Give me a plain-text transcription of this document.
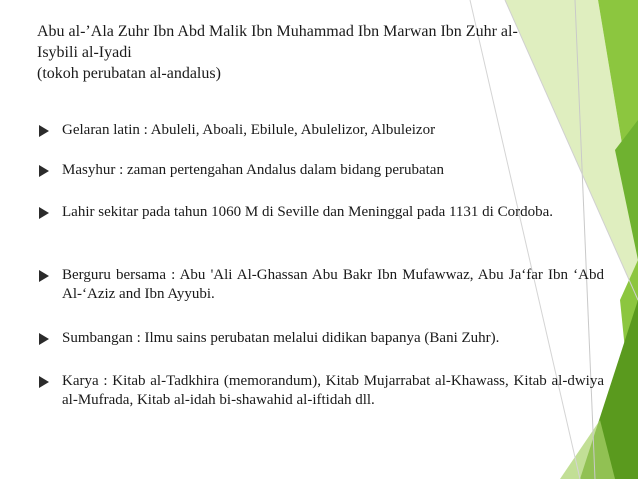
Abu al-’Ala Zuhr Ibn Abd Malik Ibn Muhammad Ibn Marwan Ibn Zuhr al-
Isybili al-Iyadi
(tokoh perubatan al-andalus)
Gelaran latin : Abuleli, Aboali, Ebilule, Abulelizor, Albuleizor
Masyhur : zaman pertengahan Andalus dalam bidang perubatan
Lahir sekitar pada tahun 1060 M di Seville dan Meninggal pada 1131 di Cordoba.
Berguru bersama : Abu 'Ali Al-Ghassan Abu Bakr Ibn Mufawwaz, Abu Ja‘far Ibn ‘Abd Al-‘Aziz and Ibn Ayyubi.
Sumbangan : Ilmu sains perubatan melalui didikan bapanya (Bani Zuhr).
Karya : Kitab al-Tadkhira (memorandum), Kitab Mujarrabat al-Khawass, Kitab al-dwiya al-Mufrada, Kitab al-idah bi-shawahid al-iftidah dll.
